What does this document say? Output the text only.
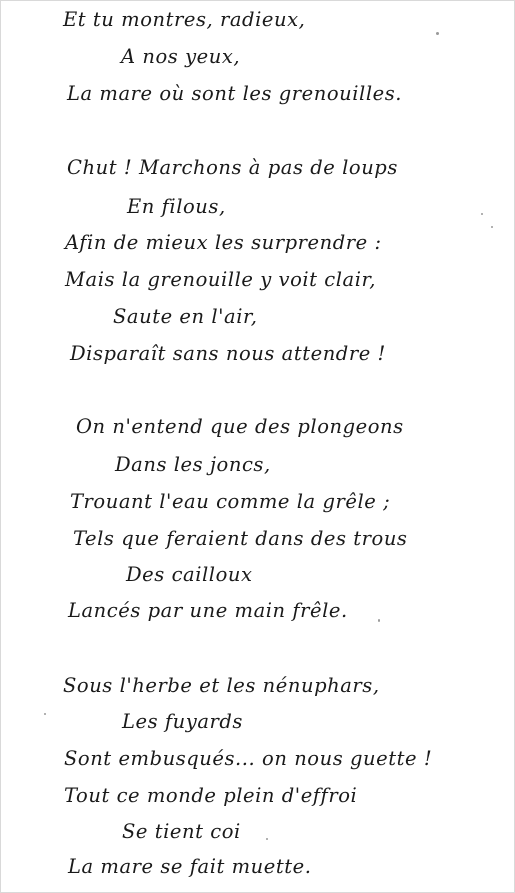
Et tu montres, radieux,
A nos yeux,
La mare où sont les grenouilles.
Chut ! Marchons à pas de loups
En filous,
Afin de mieux les surprendre :
Mais la grenouille y voit clair,
Saute en l'air,
Disparaît sans nous attendre !
On n'entend que des plongeons
Dans les joncs,
Trouant l'eau comme la grêle ;
Tels que feraient dans des trous
Des cailloux
Lancés par une main frêle.
Sous l'herbe et les nénuphars,
Les fuyards
Sont embusqués... on nous guette !
Tout ce monde plein d'effroi
Se tient coi
La mare se fait muette.
